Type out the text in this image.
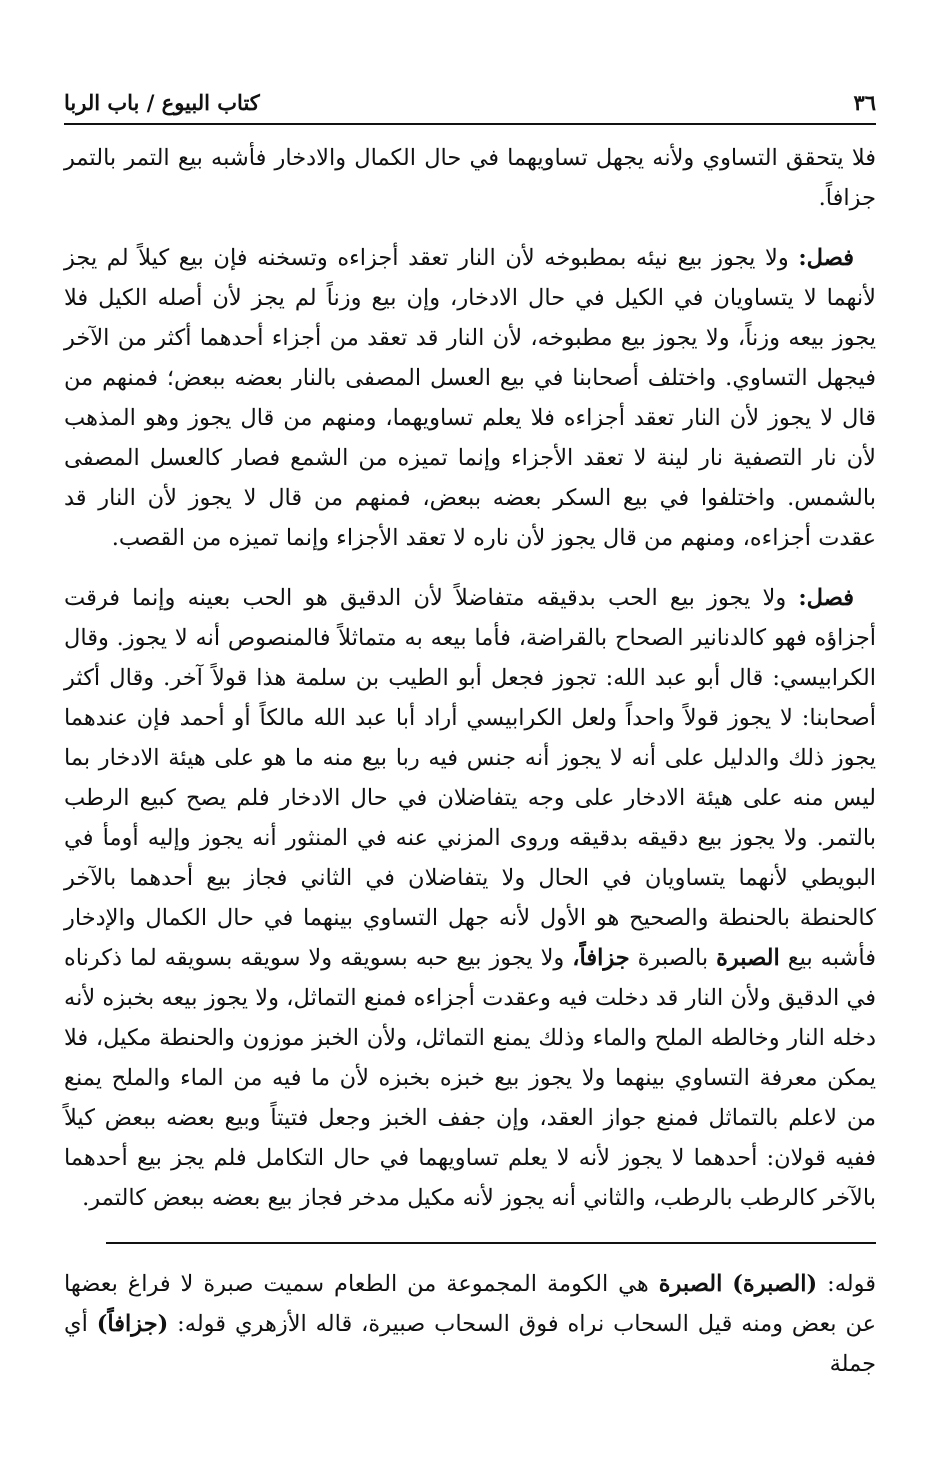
٣٦
كتاب البيوع / باب الربا

فلا يتحقق التساوي ولأنه يجهل تساويهما في حال الكمال والادخار فأشبه بيع التمر بالتمر جزافاً.

فصل: ولا يجوز بيع نيئه بمطبوخه لأن النار تعقد أجزاءه وتسخنه فإن بيع كيلاً لم يجز لأنهما لا يتساويان في الكيل في حال الادخار، وإن بيع وزناً لم يجز لأن أصله الكيل فلا يجوز بيعه وزناً، ولا يجوز بيع مطبوخه، لأن النار قد تعقد من أجزاء أحدهما أكثر من الآخر فيجهل التساوي. واختلف أصحابنا في بيع العسل المصفى بالنار بعضه ببعض؛ فمنهم من قال لا يجوز لأن النار تعقد أجزاءه فلا يعلم تساويهما، ومنهم من قال يجوز وهو المذهب لأن نار التصفية نار لينة لا تعقد الأجزاء وإنما تميزه من الشمع فصار كالعسل المصفى بالشمس. واختلفوا في بيع السكر بعضه ببعض، فمنهم من قال لا يجوز لأن النار قد عقدت أجزاءه، ومنهم من قال يجوز لأن ناره لا تعقد الأجزاء وإنما تميزه من القصب.

فصل: ولا يجوز بيع الحب بدقيقه متفاضلاً لأن الدقيق هو الحب بعينه وإنما فرقت أجزاؤه فهو كالدنانير الصحاح بالقراضة، فأما بيعه به متماثلاً فالمنصوص أنه لا يجوز. وقال الكرابيسي: قال أبو عبد الله: تجوز فجعل أبو الطيب بن سلمة هذا قولاً آخر. وقال أكثر أصحابنا: لا يجوز قولاً واحداً ولعل الكرابيسي أراد أبا عبد الله مالكاً أو أحمد فإن عندهما يجوز ذلك والدليل على أنه لا يجوز أنه جنس فيه ربا بيع منه ما هو على هيئة الادخار بما ليس منه على هيئة الادخار على وجه يتفاضلان في حال الادخار فلم يصح كبيع الرطب بالتمر. ولا يجوز بيع دقيقه بدقيقه وروى المزني عنه في المنثور أنه يجوز وإليه أومأ في البويطي لأنهما يتساويان في الحال ولا يتفاضلان في الثاني فجاز بيع أحدهما بالآخر كالحنطة بالحنطة والصحيح هو الأول لأنه جهل التساوي بينهما في حال الكمال والإدخار فأشبه بيع الصبرة بالصبرة جزافاً، ولا يجوز بيع حبه بسويقه ولا سويقه بسويقه لما ذكرناه في الدقيق ولأن النار قد دخلت فيه وعقدت أجزاءه فمنع التماثل، ولا يجوز بيعه بخبزه لأنه دخله النار وخالطه الملح والماء وذلك يمنع التماثل، ولأن الخبز موزون والحنطة مكيل، فلا يمكن معرفة التساوي بينهما ولا يجوز بيع خبزه بخبزه لأن ما فيه من الماء والملح يمنع من لاعلم بالتماثل فمنع جواز العقد، وإن جفف الخبز وجعل فتيتاً وبيع بعضه ببعض كيلاً ففيه قولان: أحدهما لا يجوز لأنه لا يعلم تساويهما في حال التكامل فلم يجز بيع أحدهما بالآخر كالرطب بالرطب، والثاني أنه يجوز لأنه مكيل مدخر فجاز بيع بعضه ببعض كالتمر.

قوله: (الصبرة) الصبرة هي الكومة المجموعة من الطعام سميت صبرة لا فراغ بعضها عن بعض ومنه قيل السحاب نراه فوق السحاب صبيرة، قاله الأزهري قوله: (جزافاً) أي جملة
